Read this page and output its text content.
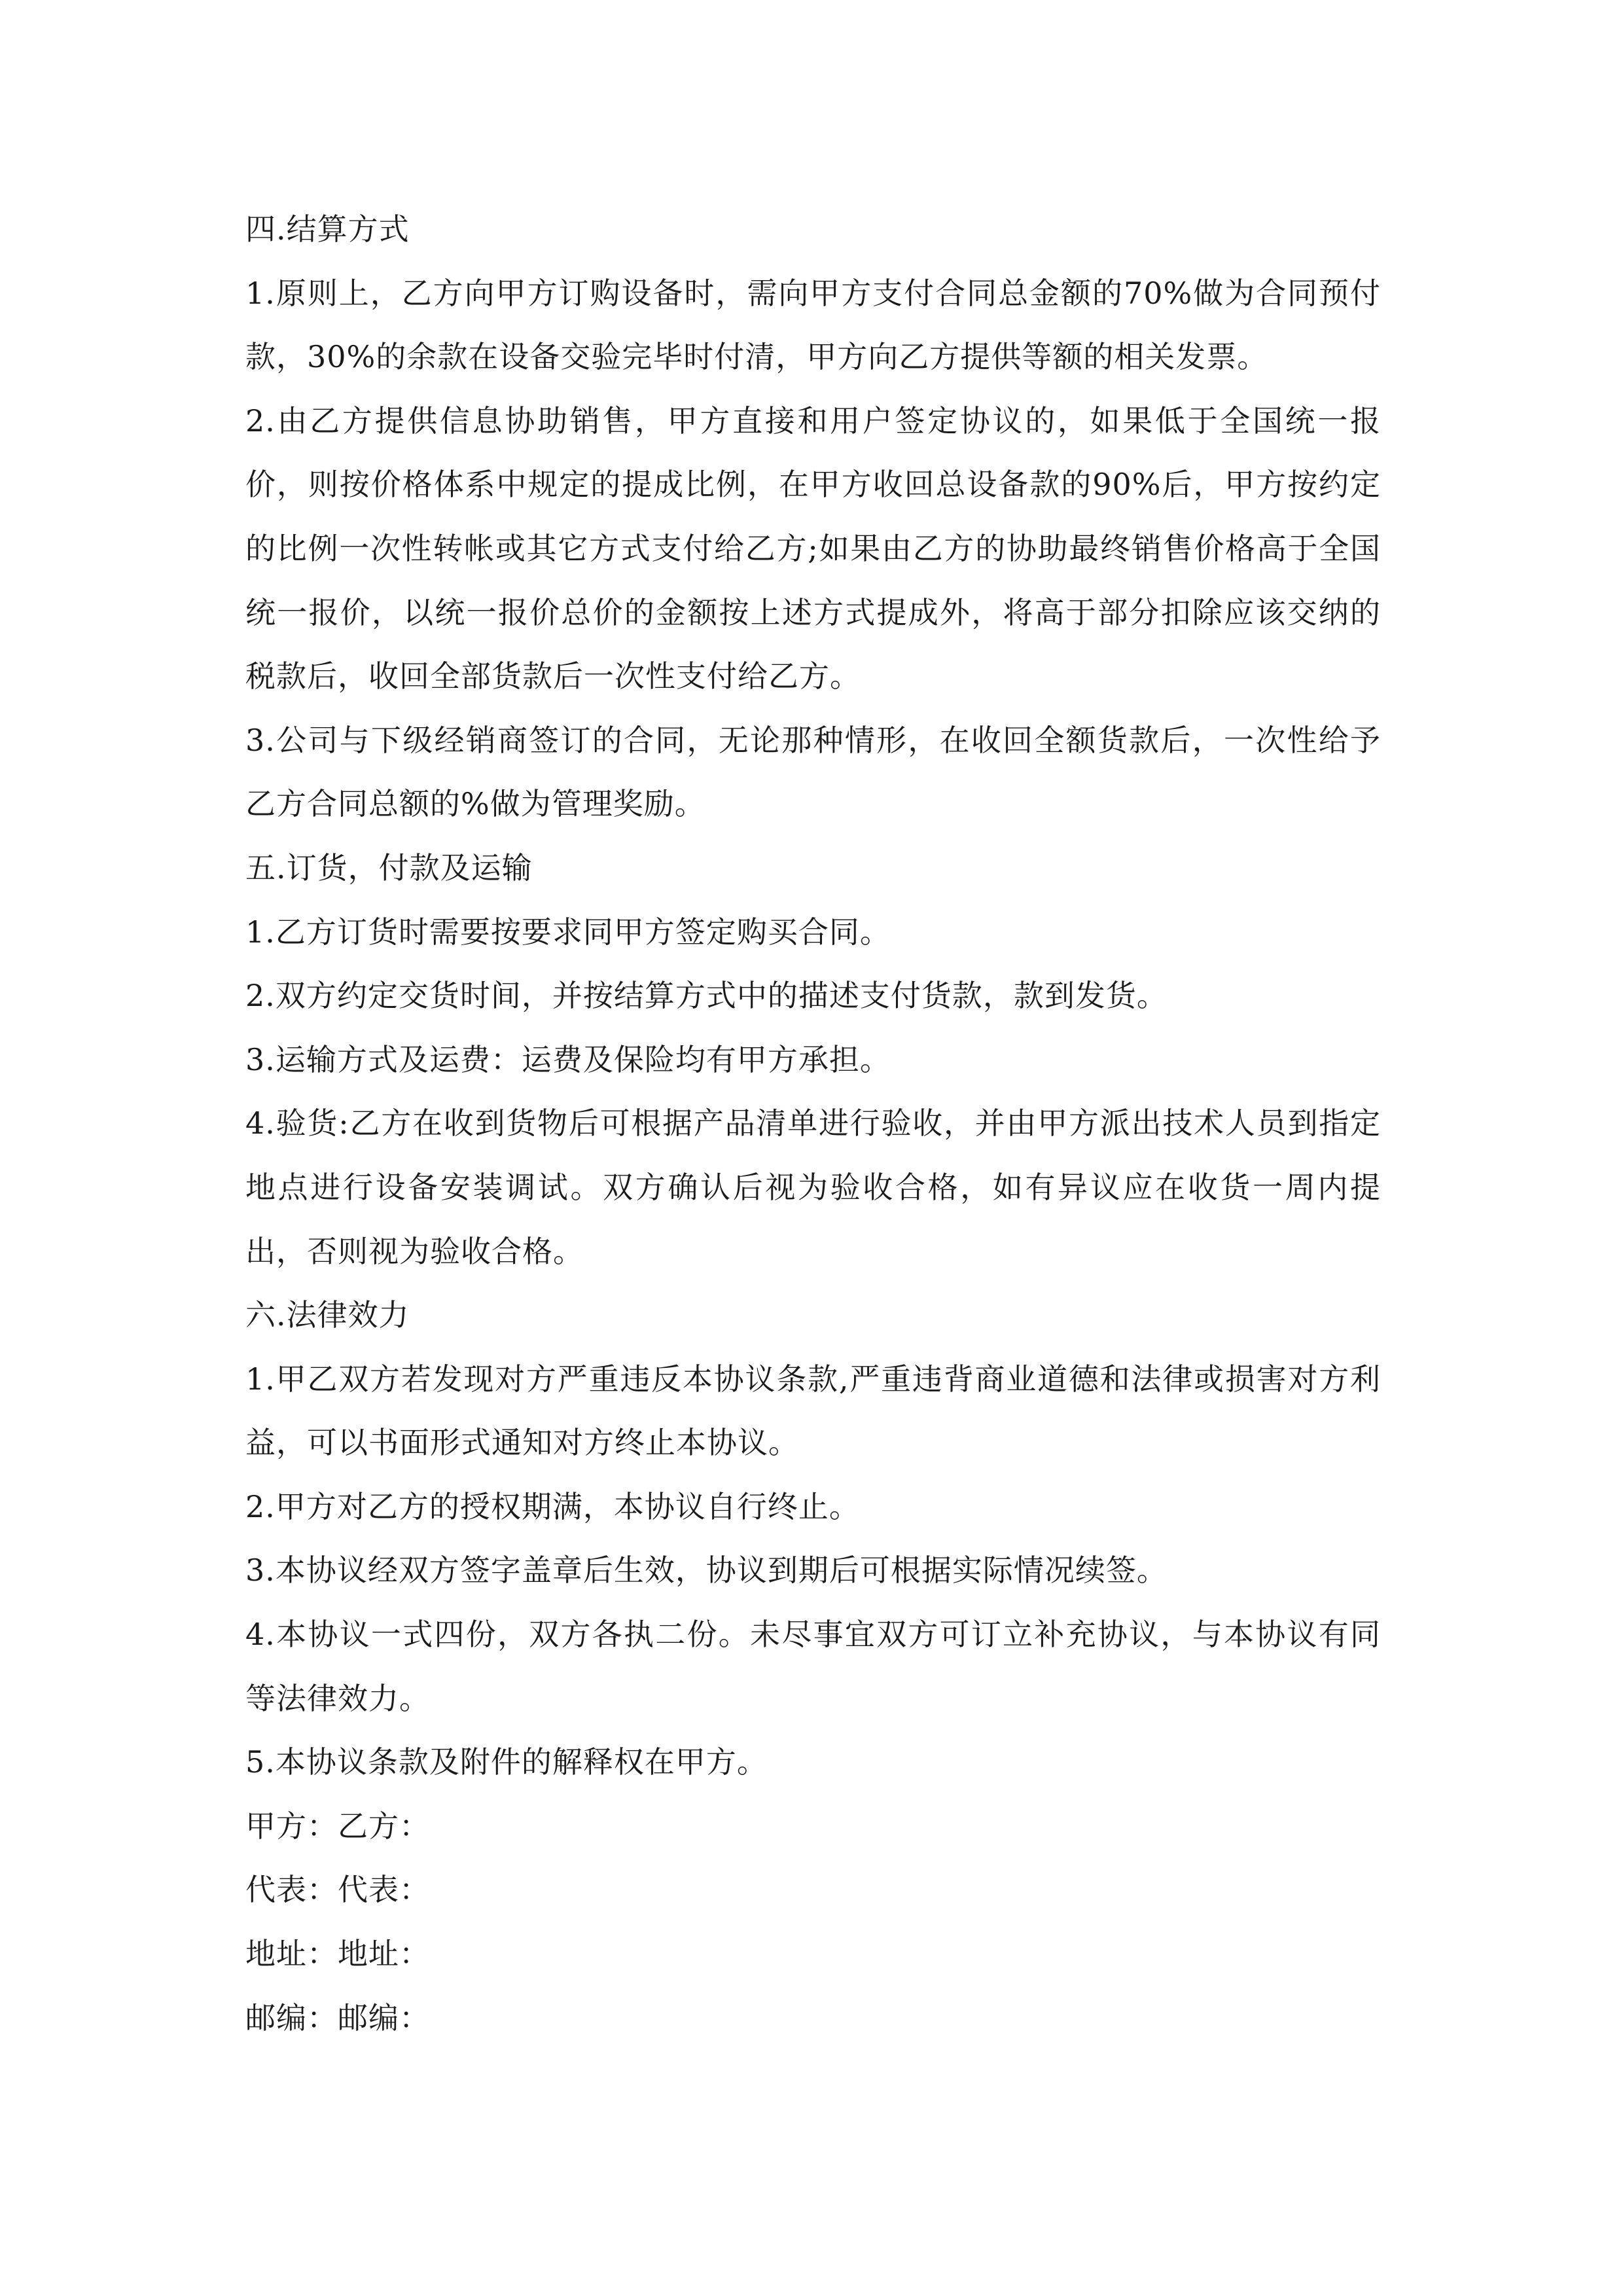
四.结算方式

1.原则上，乙方向甲方订购设备时，需向甲方支付合同总金额的70%做为合同预付款，30%的余款在设备交验完毕时付清，甲方向乙方提供等额的相关发票。

2.由乙方提供信息协助销售，甲方直接和用户签定协议的，如果低于全国统一报价，则按价格体系中规定的提成比例，在甲方收回总设备款的90%后，甲方按约定的比例一次性转帐或其它方式支付给乙方;如果由乙方的协助最终销售价格高于全国统一报价，以统一报价总价的金额按上述方式提成外，将高于部分扣除应该交纳的税款后，收回全部货款后一次性支付给乙方。

3.公司与下级经销商签订的合同，无论那种情形，在收回全额货款后，一次性给予乙方合同总额的%做为管理奖励。

五.订货，付款及运输

1.乙方订货时需要按要求同甲方签定购买合同。

2.双方约定交货时间，并按结算方式中的描述支付货款，款到发货。

3.运输方式及运费：运费及保险均有甲方承担。

4.验货:乙方在收到货物后可根据产品清单进行验收，并由甲方派出技术人员到指定地点进行设备安装调试。双方确认后视为验收合格，如有异议应在收货一周内提出，否则视为验收合格。

六.法律效力

1.甲乙双方若发现对方严重违反本协议条款,严重违背商业道德和法律或损害对方利益，可以书面形式通知对方终止本协议。

2.甲方对乙方的授权期满，本协议自行终止。

3.本协议经双方签字盖章后生效，协议到期后可根据实际情况续签。

4.本协议一式四份，双方各执二份。未尽事宜双方可订立补充协议，与本协议有同等法律效力。

5.本协议条款及附件的解释权在甲方。

甲方：乙方：

代表：代表：

地址：地址：

邮编：邮编：
